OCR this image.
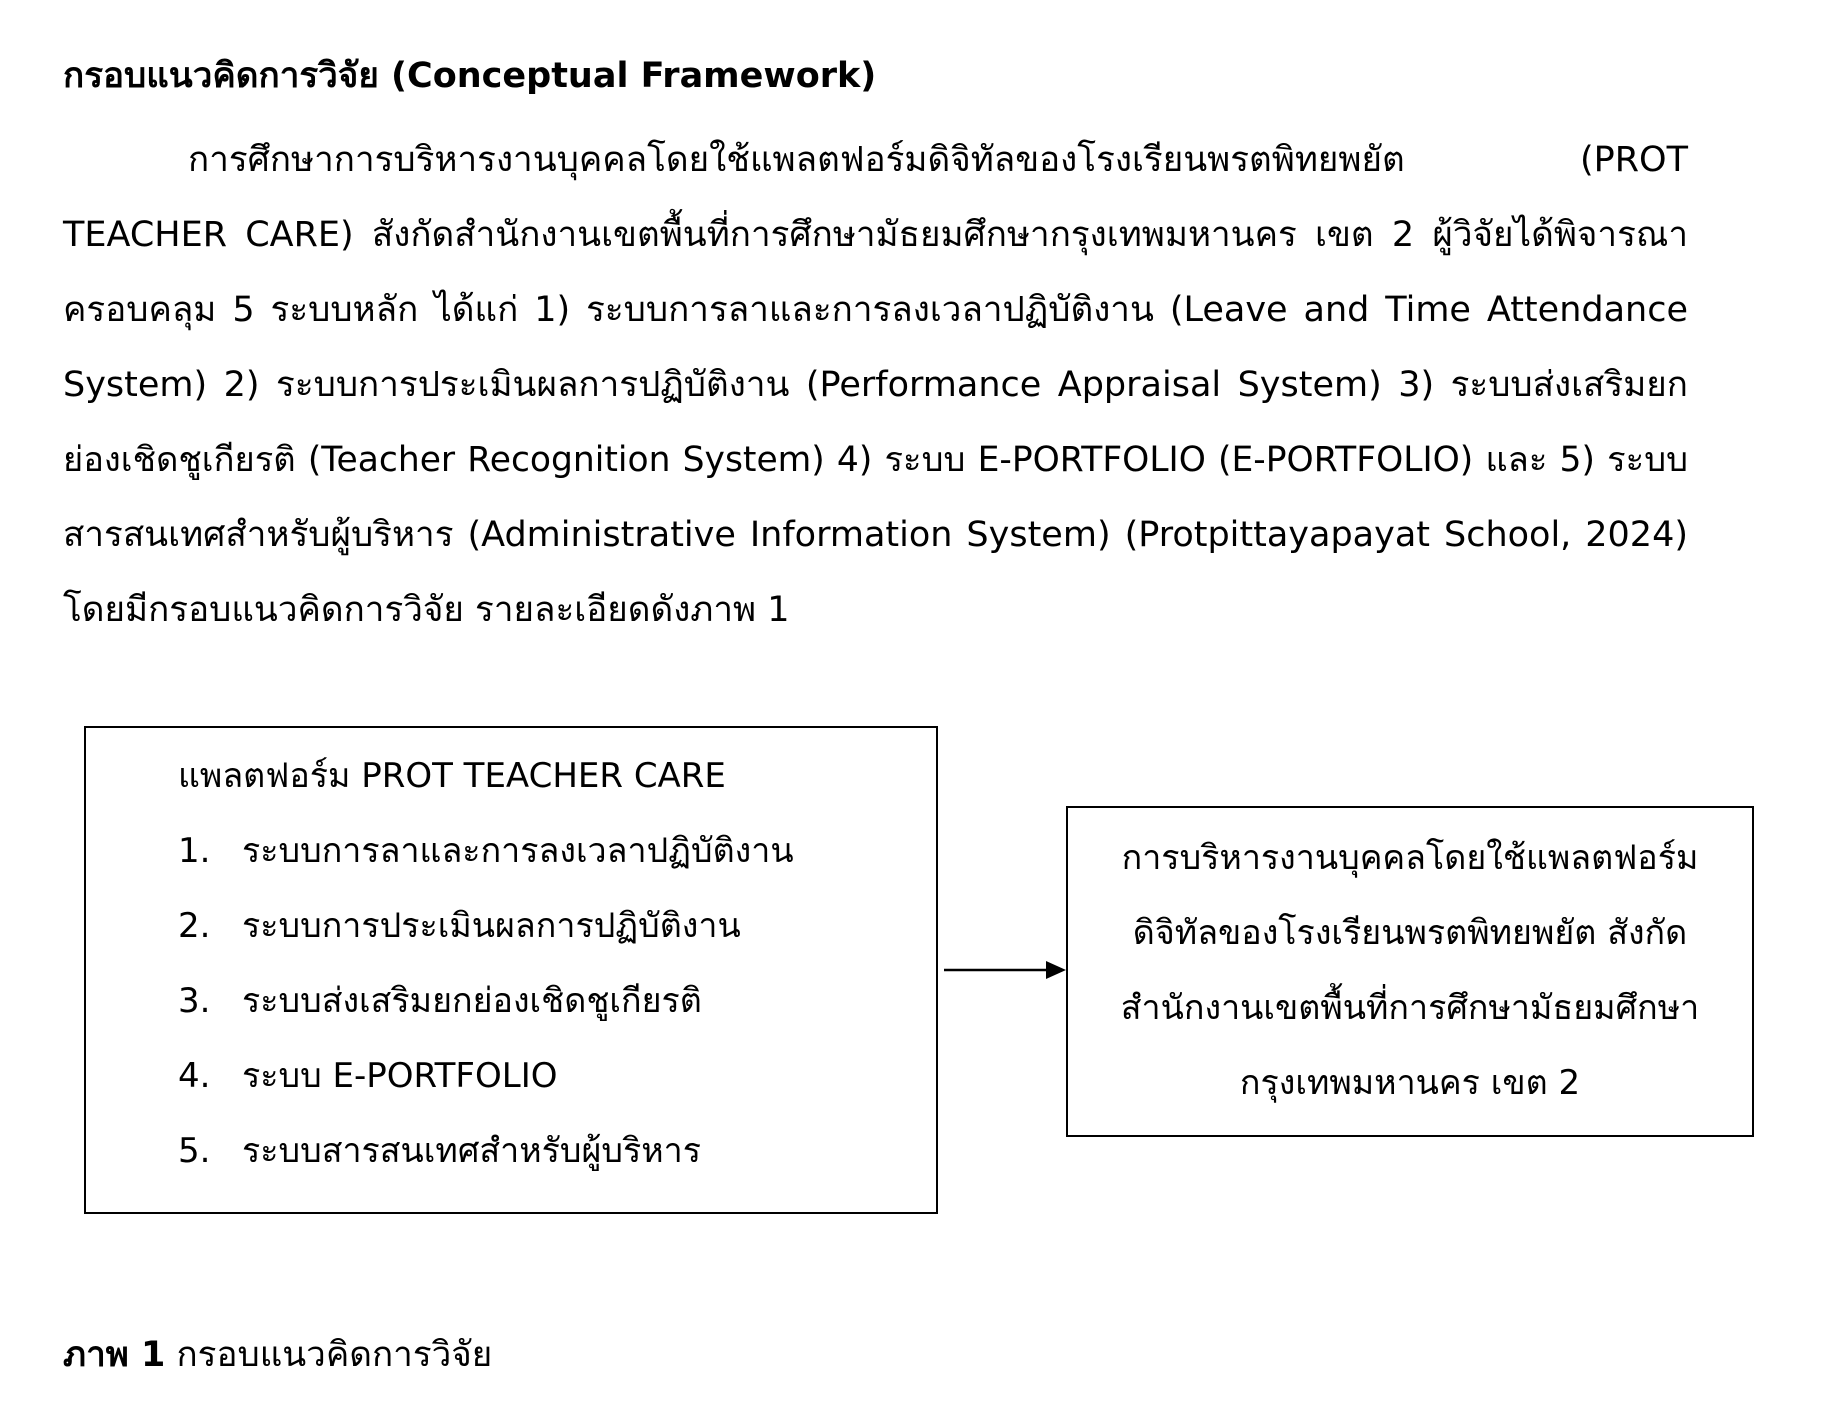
กรอบแนวคิดการวิจัย (Conceptual Framework)
การศึกษาการบริหารงานบุคคลโดยใช้แพลตฟอร์มดิจิทัลของโรงเรียนพรตพิทยพยัต (PROT
TEACHER CARE) สังกัดสำนักงานเขตพื้นที่การศึกษามัธยมศึกษากรุงเทพมหานคร เขต 2 ผู้วิจัยได้พิจารณา
ครอบคลุม 5 ระบบหลัก ได้แก่ 1) ระบบการลาและการลงเวลาปฏิบัติงาน (Leave and Time Attendance
System) 2) ระบบการประเมินผลการปฏิบัติงาน (Performance Appraisal System) 3) ระบบส่งเสริมยก
ย่องเชิดชูเกียรติ (Teacher Recognition System) 4) ระบบ E-PORTFOLIO (E-PORTFOLIO) และ 5) ระบบ
สารสนเทศสำหรับผู้บริหาร (Administrative Information System) (Protpittayapayat School, 2024)
โดยมีกรอบแนวคิดการวิจัย รายละเอียดดังภาพ 1
แพลตฟอร์ม PROT TEACHER CARE
1. ระบบการลาและการลงเวลาปฏิบัติงาน
2. ระบบการประเมินผลการปฏิบัติงาน
3. ระบบส่งเสริมยกย่องเชิดชูเกียรติ
4. ระบบ E-PORTFOLIO
5. ระบบสารสนเทศสำหรับผู้บริหาร
การบริหารงานบุคคลโดยใช้แพลตฟอร์ม
ดิจิทัลของโรงเรียนพรตพิทยพยัต สังกัด
สำนักงานเขตพื้นที่การศึกษามัธยมศึกษา
กรุงเทพมหานคร เขต 2
ภาพ 1 กรอบแนวคิดการวิจัย
